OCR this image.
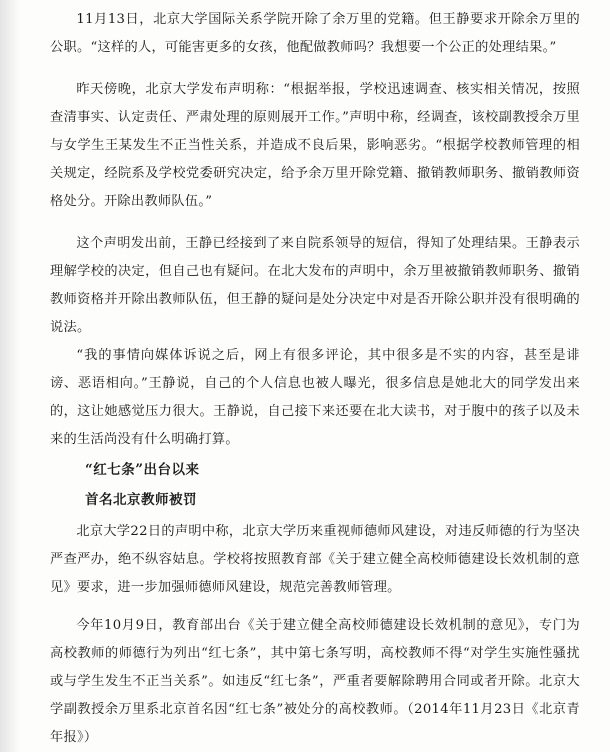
11月13日，北京大学国际关系学院开除了余万里的党籍。但王静要求开除余万里的公职。“这样的人，可能害更多的女孩，他配做教师吗？我想要一个公正的处理结果。”

昨天傍晚，北京大学发布声明称：“根据举报，学校迅速调查、核实相关情况，按照查清事实、认定责任、严肃处理的原则展开工作。”声明中称，经调查，该校副教授余万里与女学生王某发生不正当性关系，并造成不良后果，影响恶劣。“根据学校教师管理的相关规定，经院系及学校党委研究决定，给予余万里开除党籍、撤销教师职务、撤销教师资格处分。开除出教师队伍。”

这个声明发出前，王静已经接到了来自院系领导的短信，得知了处理结果。王静表示理解学校的决定，但自己也有疑问。在北大发布的声明中，余万里被撤销教师职务、撤销教师资格并开除出教师队伍，但王静的疑问是处分决定中对是否开除公职并没有很明确的说法。

“我的事情向媒体诉说之后，网上有很多评论，其中很多是不实的内容，甚至是诽谤、恶语相向。”王静说，自己的个人信息也被人曝光，很多信息是她北大的同学发出来的，这让她感觉压力很大。王静说，自己接下来还要在北大读书，对于腹中的孩子以及未来的生活尚没有什么明确打算。

“红七条”出台以来
首名北京教师被罚

北京大学22日的声明中称，北京大学历来重视师德师风建设，对违反师德的行为坚决严查严办，绝不纵容姑息。学校将按照教育部《关于建立健全高校师德建设长效机制的意见》要求，进一步加强师德师风建设，规范完善教师管理。

今年10月9日，教育部出台《关于建立健全高校师德建设长效机制的意见》，专门为高校教师的师德行为列出“红七条”，其中第七条写明，高校教师不得“对学生实施性骚扰或与学生发生不正当关系”。如违反“红七条”，严重者要解除聘用合同或者开除。北京大学副教授余万里系北京首名因“红七条”被处分的高校教师。（2014年11月23日《北京青年报》）
